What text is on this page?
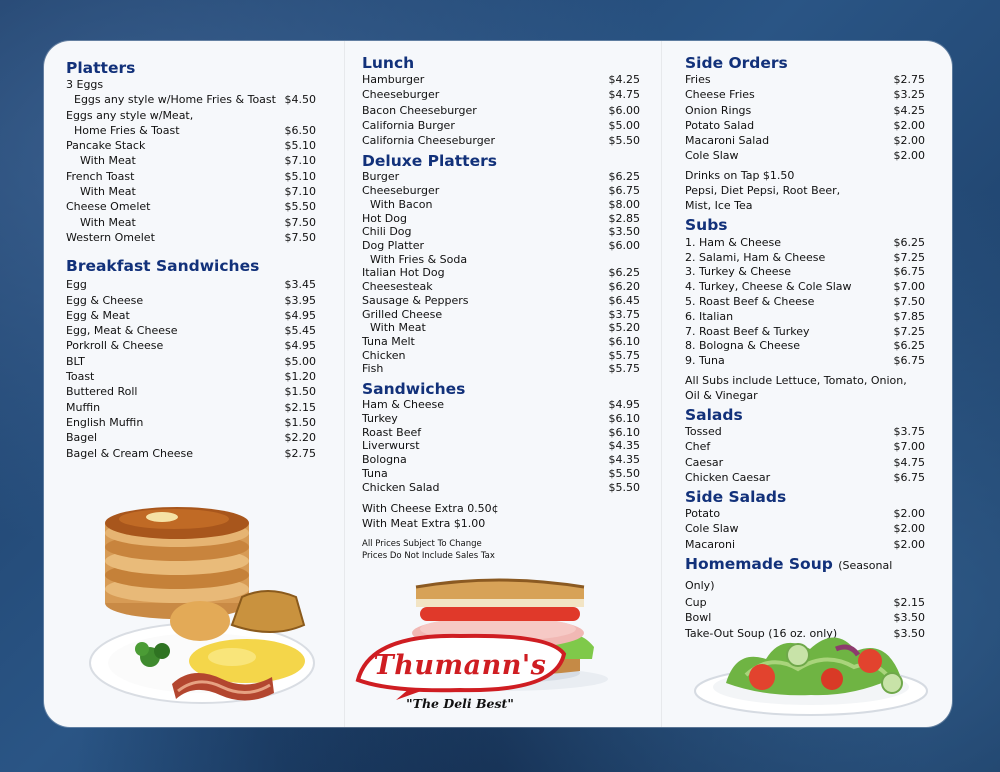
Platters
3 Eggs
Eggs any style w/Home Fries & Toast $4.50
Eggs any style w/Meat,
Home Fries & Toast	$6.50
Pancake Stack	$5.10
With Meat	$7.10
French Toast	$5.10
With Meat	$7.10
Cheese Omelet	$5.50
With Meat	$7.50
Western Omelet	$7.50
Breakfast Sandwiches
Egg	$3.45
Egg & Cheese	$3.95
Egg & Meat	$4.95
Egg, Meat & Cheese	$5.45
Porkroll & Cheese	$4.95
BLT	$5.00
Toast	$1.20
Buttered Roll	$1.50
Muffin	$2.15
English Muffin	$1.50
Bagel	$2.20
Bagel & Cream Cheese	$2.75
Lunch
Hamburger	$4.25
Cheeseburger	$4.75
Bacon Cheeseburger	$6.00
California Burger	$5.00
California Cheeseburger	$5.50
Deluxe Platters
Burger	$6.25
Cheeseburger	$6.75
With Bacon	$8.00
Hot Dog	$2.85
Chili Dog	$3.50
Dog Platter	$6.00
With Fries & Soda
Italian Hot Dog	$6.25
Cheesesteak	$6.20
Sausage & Peppers	$6.45
Grilled Cheese	$3.75
With Meat	$5.20
Tuna Melt	$6.10
Chicken	$5.75
Fish	$5.75
Sandwiches
Ham & Cheese	$4.95
Turkey	$6.10
Roast Beef	$6.10
Liverwurst	$4.35
Bologna	$4.35
Tuna	$5.50
Chicken Salad	$5.50
With Cheese Extra 0.50¢
With Meat Extra $1.00
All Prices Subject To Change
Prices Do Not Include Sales Tax
Side Orders
Fries	$2.75
Cheese Fries	$3.25
Onion Rings	$4.25
Potato Salad	$2.00
Macaroni Salad	$2.00
Cole Slaw	$2.00
Drinks on Tap $1.50
Pepsi, Diet Pepsi, Root Beer,
Mist, Ice Tea
Subs
1. Ham & Cheese	$6.25
2. Salami, Ham & Cheese	$7.25
3. Turkey & Cheese	$6.75
4. Turkey, Cheese & Cole Slaw	$7.00
5. Roast Beef & Cheese	$7.50
6. Italian	$7.85
7. Roast Beef & Turkey	$7.25
8. Bologna & Cheese	$6.25
9. Tuna	$6.75
All Subs include Lettuce, Tomato, Onion,
Oil & Vinegar
Salads
Tossed	$3.75
Chef	$7.00
Caesar	$4.75
Chicken Caesar	$6.75
Side Salads
Potato	$2.00
Cole Slaw	$2.00
Macaroni	$2.00
Homemade Soup (Seasonal Only)
Cup	$2.15
Bowl	$3.50
Take-Out Soup (16 oz. only)	$3.50
Thumann's
"The Deli Best"
